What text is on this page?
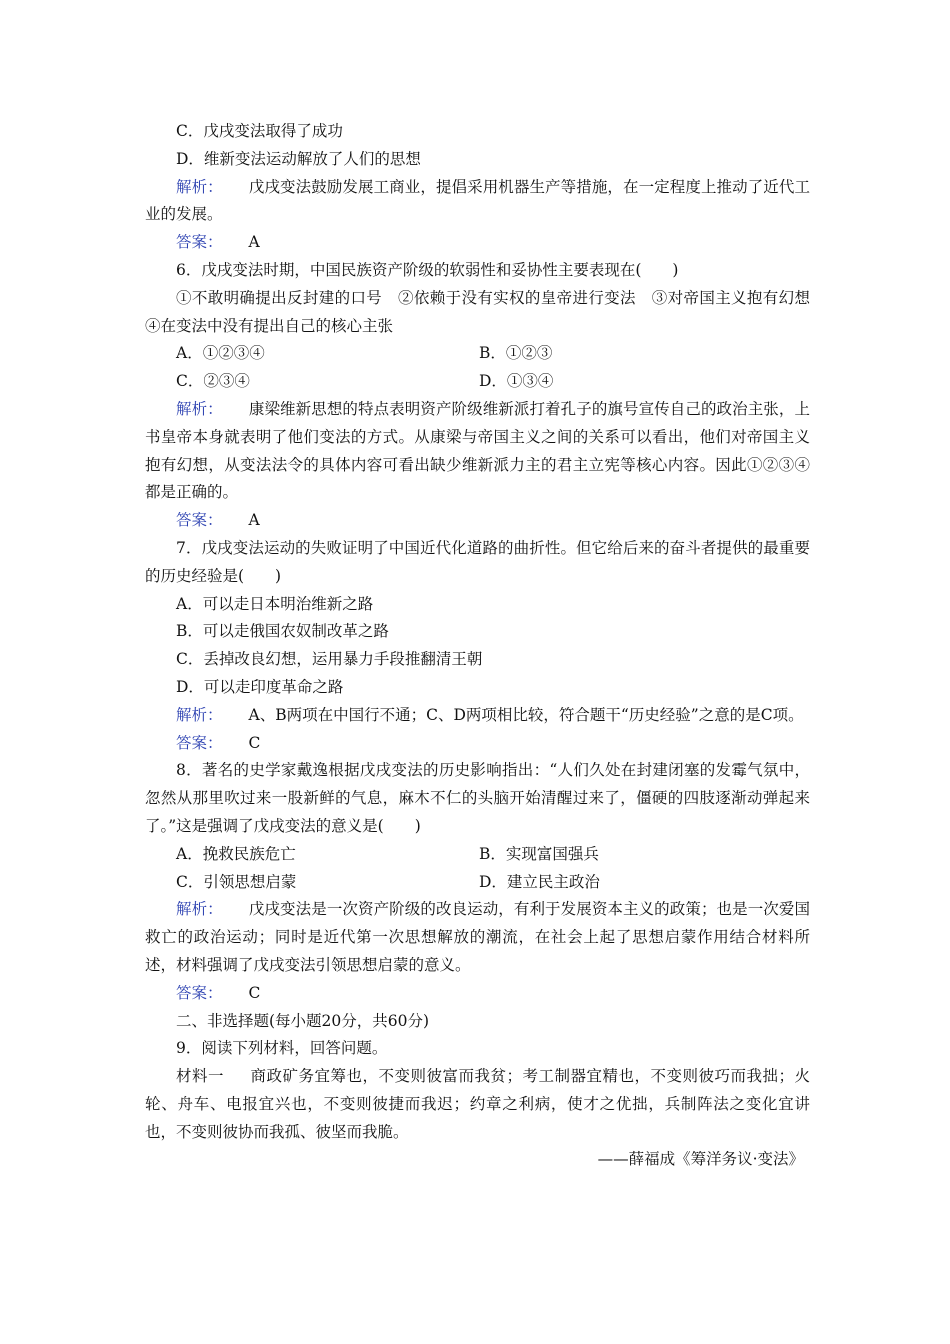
C．戊戌变法取得了成功
D．维新变法运动解放了人们的思想
解析： 戊戌变法鼓励发展工商业，提倡采用机器生产等措施，在一定程度上推动了近代工业的发展。
答案： A
6．戊戌变法时期，中国民族资产阶级的软弱性和妥协性主要表现在(　　)
①不敢明确提出反封建的口号　②依赖于没有实权的皇帝进行变法　③对帝国主义抱有幻想　④在变法中没有提出自己的核心主张
A．①②③④	B．①②③
C．②③④	D．①③④
解析： 康梁维新思想的特点表明资产阶级维新派打着孔子的旗号宣传自己的政治主张，上书皇帝本身就表明了他们变法的方式。从康梁与帝国主义之间的关系可以看出，他们对帝国主义抱有幻想，从变法法令的具体内容可看出缺少维新派力主的君主立宪等核心内容。因此①②③④都是正确的。
答案： A
7．戊戌变法运动的失败证明了中国近代化道路的曲折性。但它给后来的奋斗者提供的最重要的历史经验是(　　)
A．可以走日本明治维新之路
B．可以走俄国农奴制改革之路
C．丢掉改良幻想，运用暴力手段推翻清王朝
D．可以走印度革命之路
解析： A、B两项在中国行不通；C、D两项相比较，符合题干“历史经验”之意的是C项。
答案： C
8．著名的史学家戴逸根据戊戌变法的历史影响指出：“人们久处在封建闭塞的发霉气氛中，忽然从那里吹过来一股新鲜的气息，麻木不仁的头脑开始清醒过来了，僵硬的四肢逐渐动弹起来了。”这是强调了戊戌变法的意义是(　　)
A．挽救民族危亡	B．实现富国强兵
C．引领思想启蒙	D．建立民主政治
解析： 戊戌变法是一次资产阶级的改良运动，有利于发展资本主义的政策；也是一次爱国救亡的政治运动；同时是近代第一次思想解放的潮流，在社会上起了思想启蒙作用结合材料所述，材料强调了戊戌变法引领思想启蒙的意义。
答案： C
二、非选择题(每小题20分，共60分)
9．阅读下列材料，回答问题。
材料一 商政矿务宜筹也，不变则彼富而我贫；考工制器宜精也，不变则彼巧而我拙；火轮、舟车、电报宜兴也，不变则彼捷而我迟；约章之利病，使才之优拙，兵制阵法之变化宜讲也，不变则彼协而我孤、彼坚而我脆。
——薛福成《筹洋务议·变法》
